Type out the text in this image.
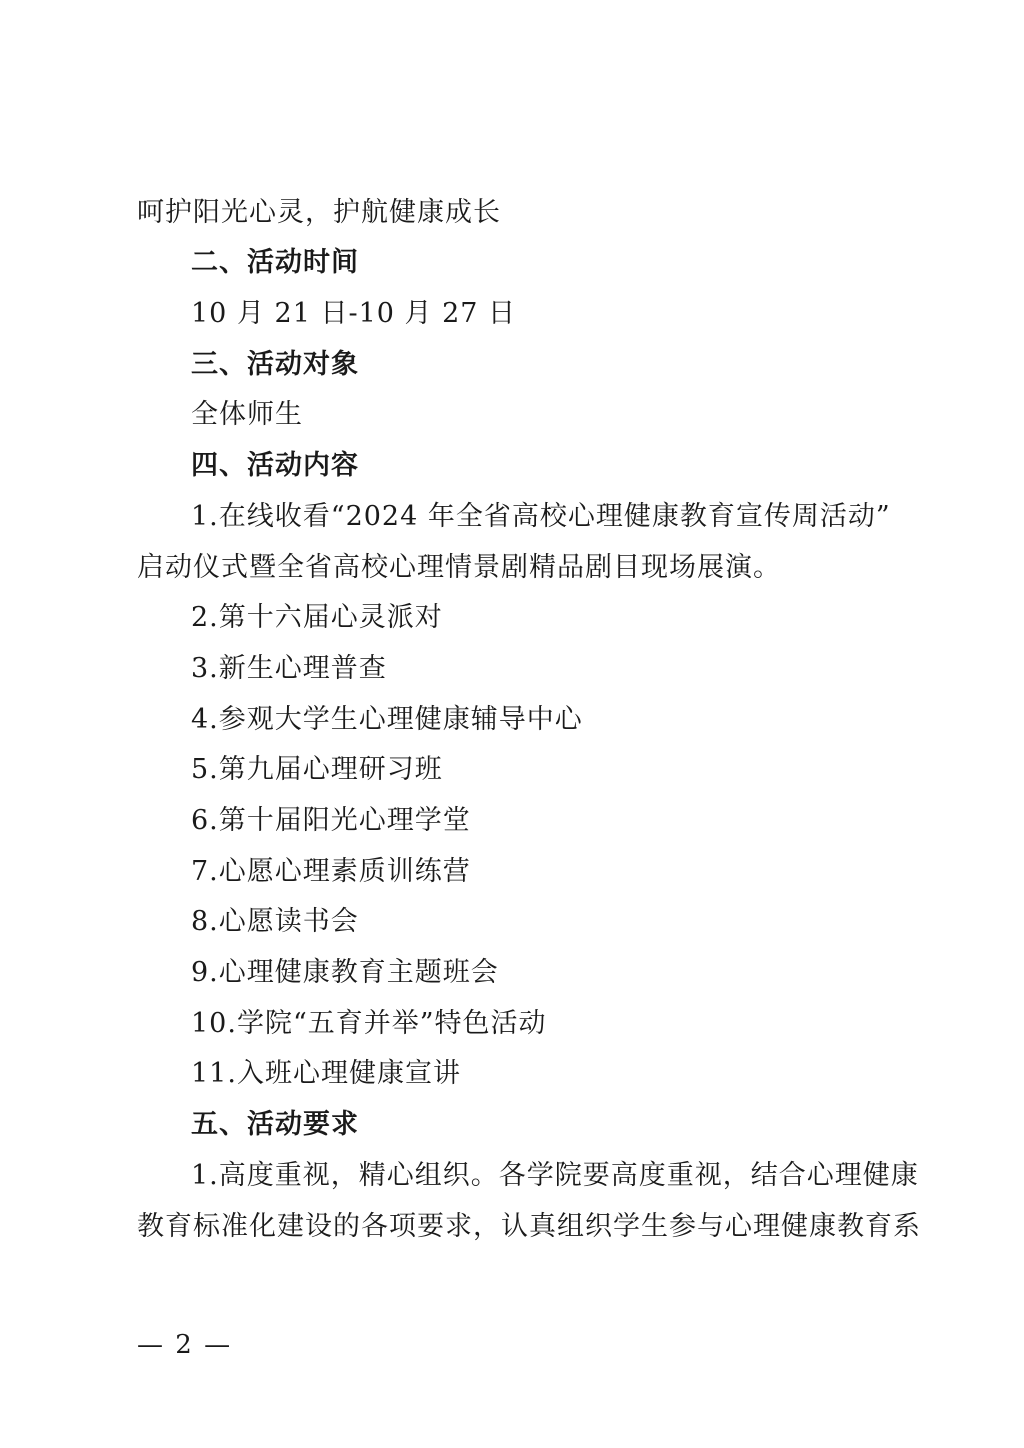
呵护阳光心灵，护航健康成长
二、活动时间
10 月 21 日-10 月 27 日
三、活动对象
全体师生
四、活动内容
1.在线收看“2024 年全省高校心理健康教育宣传周活动”
启动仪式暨全省高校心理情景剧精品剧目现场展演。
2.第十六届心灵派对
3.新生心理普查
4.参观大学生心理健康辅导中心
5.第九届心理研习班
6.第十届阳光心理学堂
7.心愿心理素质训练营
8.心愿读书会
9.心理健康教育主题班会
10.学院“五育并举”特色活动
11.入班心理健康宣讲
五、活动要求
1.高度重视，精心组织。各学院要高度重视，结合心理健康
教育标准化建设的各项要求，认真组织学生参与心理健康教育系
— 2 —
